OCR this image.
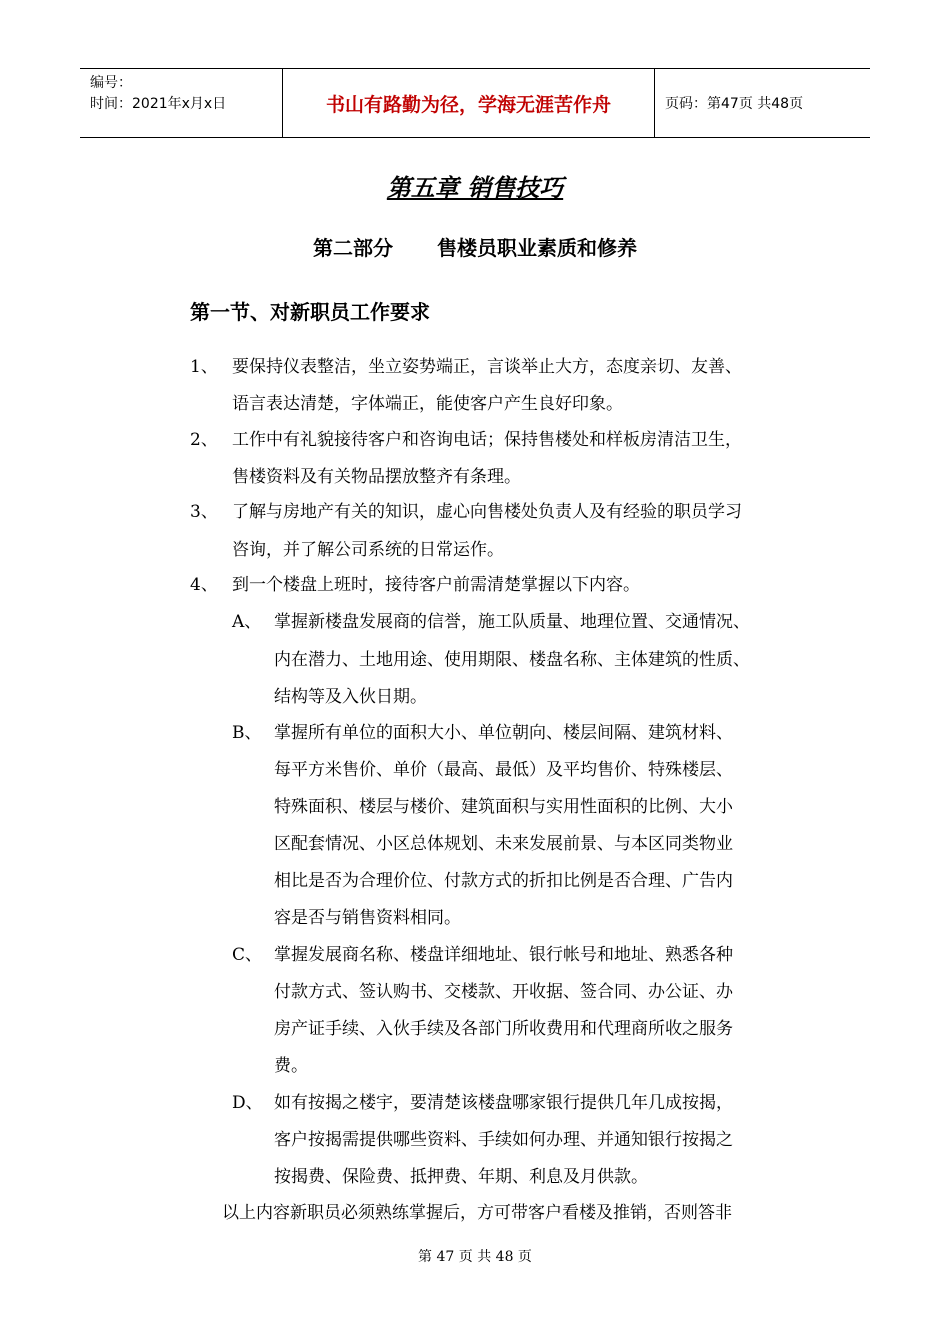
编号：
时间：2021年x月x日	书山有路勤为径，学海无涯苦作舟	页码：第47页 共48页
第五章 销售技巧
第二部分 售楼员职业素质和修养
第一节、对新职员工作要求
1、 要保持仪表整洁，坐立姿势端正，言谈举止大方，态度亲切、友善、
语言表达清楚，字体端正，能使客户产生良好印象。
2、 工作中有礼貌接待客户和咨询电话；保持售楼处和样板房清洁卫生，
售楼资料及有关物品摆放整齐有条理。
3、 了解与房地产有关的知识，虚心向售楼处负责人及有经验的职员学习
咨询，并了解公司系统的日常运作。
4、 到一个楼盘上班时，接待客户前需清楚掌握以下内容。
A、 掌握新楼盘发展商的信誉，施工队质量、地理位置、交通情况、
内在潜力、土地用途、使用期限、楼盘名称、主体建筑的性质、
结构等及入伙日期。
B、 掌握所有单位的面积大小、单位朝向、楼层间隔、建筑材料、
每平方米售价、单价（最高、最低）及平均售价、特殊楼层、
特殊面积、楼层与楼价、建筑面积与实用性面积的比例、大小
区配套情况、小区总体规划、未来发展前景、与本区同类物业
相比是否为合理价位、付款方式的折扣比例是否合理、广告内
容是否与销售资料相同。
C、 掌握发展商名称、楼盘详细地址、银行帐号和地址、熟悉各种
付款方式、签认购书、交楼款、开收据、签合同、办公证、办
房产证手续、入伙手续及各部门所收费用和代理商所收之服务
费。
D、 如有按揭之楼宇，要清楚该楼盘哪家银行提供几年几成按揭，
客户按揭需提供哪些资料、手续如何办理、并通知银行按揭之
按揭费、保险费、抵押费、年期、利息及月供款。
以上内容新职员必须熟练掌握后，方可带客户看楼及推销，否则答非
第 47 页 共 48 页
